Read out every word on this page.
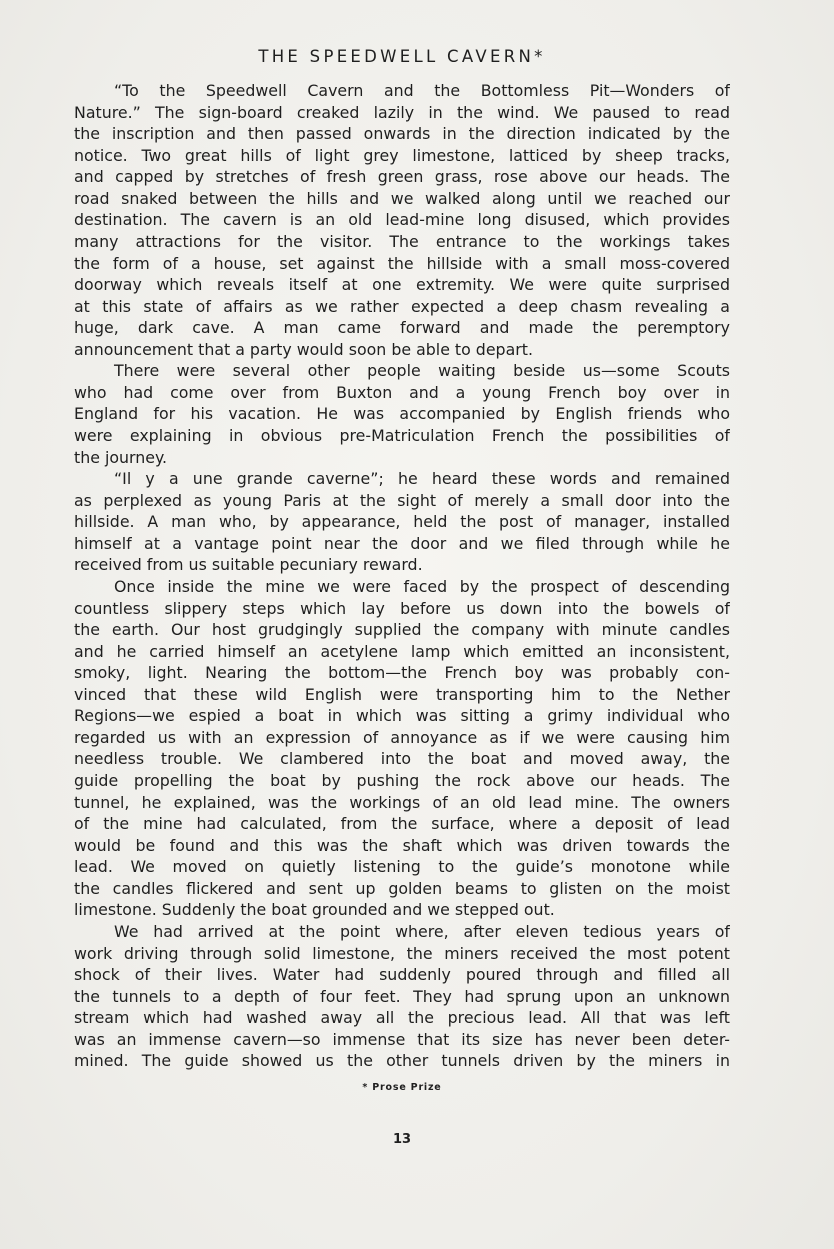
THE SPEEDWELL CAVERN*
“To the Speedwell Cavern and the Bottomless Pit—Wonders of
Nature.” The sign-board creaked lazily in the wind. We paused to read
the inscription and then passed onwards in the direction indicated by the
notice. Two great hills of light grey limestone, latticed by sheep tracks,
and capped by stretches of fresh green grass, rose above our heads. The
road snaked between the hills and we walked along until we reached our
destination. The cavern is an old lead-mine long disused, which provides
many attractions for the visitor. The entrance to the workings takes
the form of a house, set against the hillside with a small moss-covered
doorway which reveals itself at one extremity. We were quite surprised
at this state of affairs as we rather expected a deep chasm revealing a
huge, dark cave. A man came forward and made the peremptory
announcement that a party would soon be able to depart.
There were several other people waiting beside us—some Scouts
who had come over from Buxton and a young French boy over in
England for his vacation. He was accompanied by English friends who
were explaining in obvious pre-Matriculation French the possibilities of
the journey.
“Il y a une grande caverne”; he heard these words and remained
as perplexed as young Paris at the sight of merely a small door into the
hillside. A man who, by appearance, held the post of manager, installed
himself at a vantage point near the door and we filed through while he
received from us suitable pecuniary reward.
Once inside the mine we were faced by the prospect of descending
countless slippery steps which lay before us down into the bowels of
the earth. Our host grudgingly supplied the company with minute candles
and he carried himself an acetylene lamp which emitted an inconsistent,
smoky, light. Nearing the bottom—the French boy was probably con-
vinced that these wild English were transporting him to the Nether
Regions—we espied a boat in which was sitting a grimy individual who
regarded us with an expression of annoyance as if we were causing him
needless trouble. We clambered into the boat and moved away, the
guide propelling the boat by pushing the rock above our heads. The
tunnel, he explained, was the workings of an old lead mine. The owners
of the mine had calculated, from the surface, where a deposit of lead
would be found and this was the shaft which was driven towards the
lead. We moved on quietly listening to the guide’s monotone while
the candles flickered and sent up golden beams to glisten on the moist
limestone. Suddenly the boat grounded and we stepped out.
We had arrived at the point where, after eleven tedious years of
work driving through solid limestone, the miners received the most potent
shock of their lives. Water had suddenly poured through and filled all
the tunnels to a depth of four feet. They had sprung upon an unknown
stream which had washed away all the precious lead. All that was left
was an immense cavern—so immense that its size has never been deter-
mined. The guide showed us the other tunnels driven by the miners in
* Prose Prize
13
